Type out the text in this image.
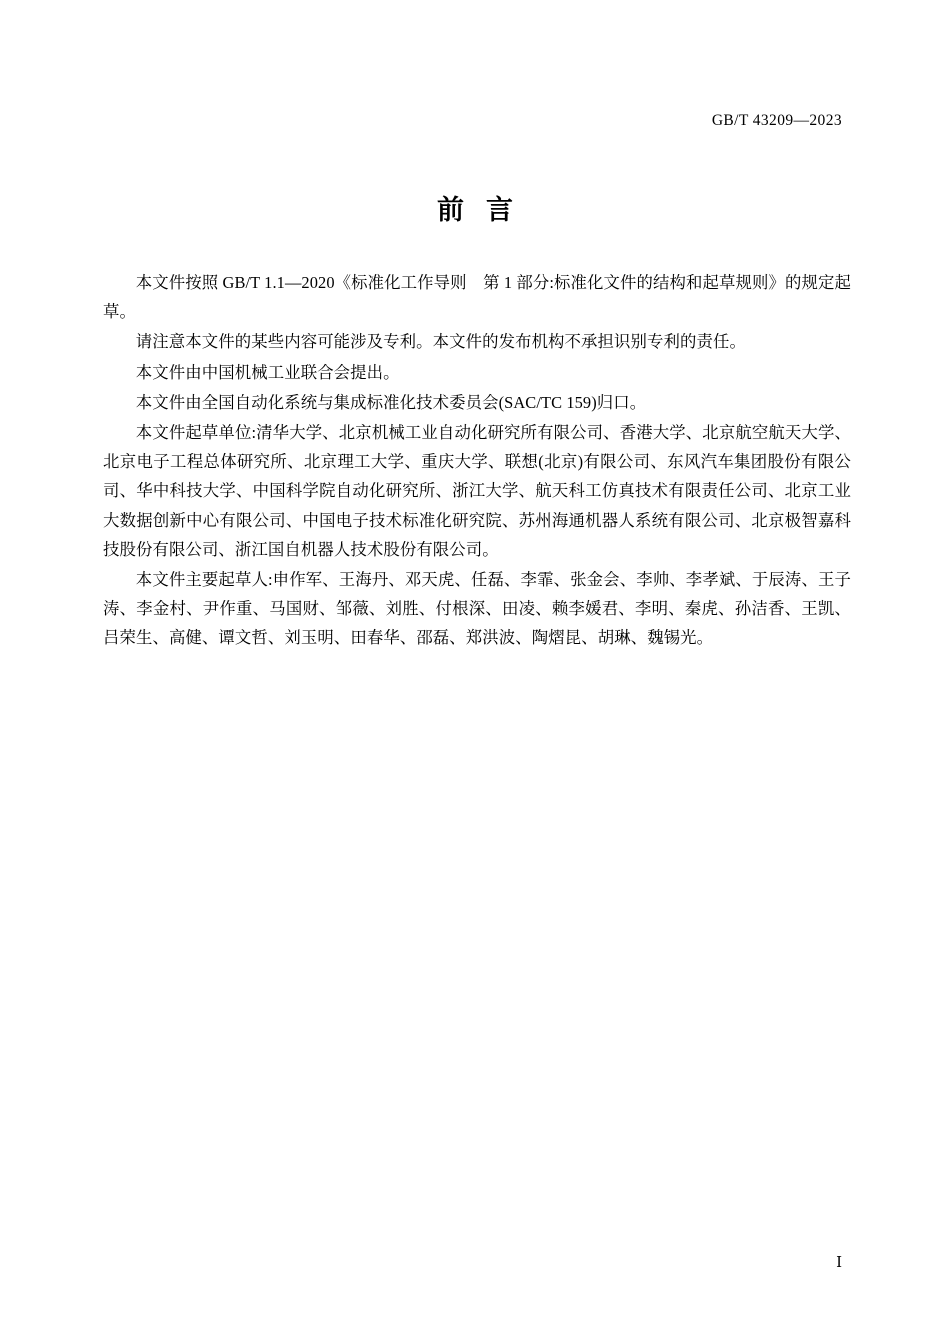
GB/T 43209—2023
前言

本文件按照 GB/T 1.1—2020《标准化工作导则　第 1 部分:标准化文件的结构和起草规则》的规定起草。

请注意本文件的某些内容可能涉及专利。本文件的发布机构不承担识别专利的责任。

本文件由中国机械工业联合会提出。

本文件由全国自动化系统与集成标准化技术委员会(SAC/TC 159)归口。

本文件起草单位:清华大学、北京机械工业自动化研究所有限公司、香港大学、北京航空航天大学、北京电子工程总体研究所、北京理工大学、重庆大学、联想(北京)有限公司、东风汽车集团股份有限公司、华中科技大学、中国科学院自动化研究所、浙江大学、航天科工仿真技术有限责任公司、北京工业大数据创新中心有限公司、中国电子技术标准化研究院、苏州海通机器人系统有限公司、北京极智嘉科技股份有限公司、浙江国自机器人技术股份有限公司。

本文件主要起草人:申作军、王海丹、邓天虎、任磊、李霏、张金会、李帅、李孝斌、于辰涛、王子涛、李金村、尹作重、马国财、邹薇、刘胜、付根深、田凌、赖李媛君、李明、秦虎、孙洁香、王凯、吕荣生、高健、谭文哲、刘玉明、田春华、邵磊、郑洪波、陶熠昆、胡琳、魏锡光。

Ⅰ
